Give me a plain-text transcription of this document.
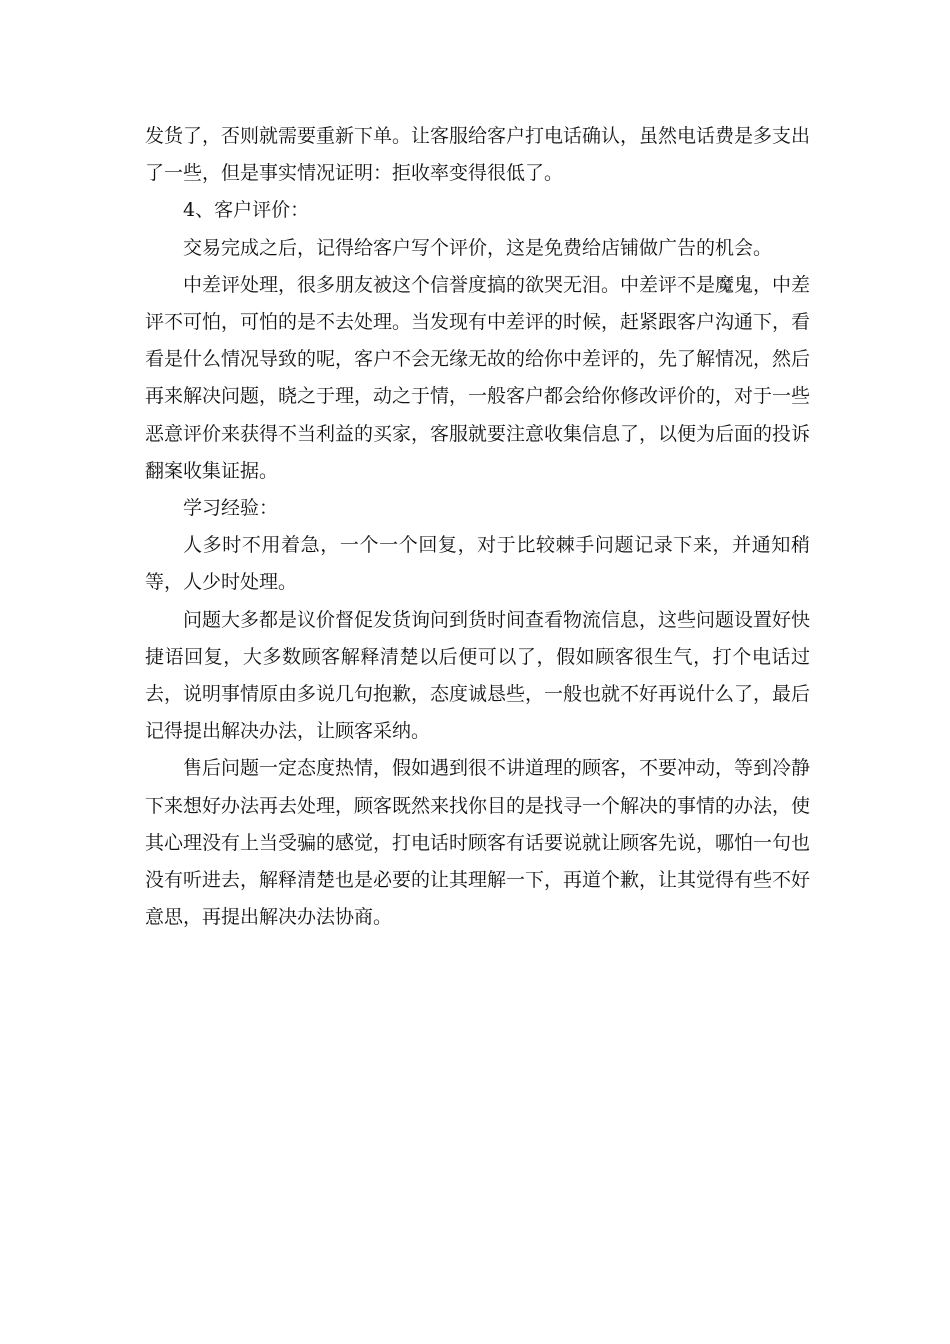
发货了，否则就需要重新下单。让客服给客户打电话确认，虽然电话费是多支出了一些，但是事实情况证明：拒收率变得很低了。

4、客户评价：

交易完成之后，记得给客户写个评价，这是免费给店铺做广告的机会。

中差评处理，很多朋友被这个信誉度搞的欲哭无泪。中差评不是魔鬼，中差评不可怕，可怕的是不去处理。当发现有中差评的时候，赶紧跟客户沟通下，看看是什么情况导致的呢，客户不会无缘无故的给你中差评的，先了解情况，然后再来解决问题，晓之于理，动之于情，一般客户都会给你修改评价的，对于一些恶意评价来获得不当利益的买家，客服就要注意收集信息了，以便为后面的投诉翻案收集证据。

学习经验：

人多时不用着急，一个一个回复，对于比较棘手问题记录下来，并通知稍等，人少时处理。

问题大多都是议价督促发货询问到货时间查看物流信息，这些问题设置好快捷语回复，大多数顾客解释清楚以后便可以了，假如顾客很生气，打个电话过去，说明事情原由多说几句抱歉，态度诚恳些，一般也就不好再说什么了，最后记得提出解决办法，让顾客采纳。

售后问题一定态度热情，假如遇到很不讲道理的顾客，不要冲动，等到冷静下来想好办法再去处理，顾客既然来找你目的是找寻一个解决的事情的办法，使其心理没有上当受骗的感觉，打电话时顾客有话要说就让顾客先说，哪怕一句也没有听进去，解释清楚也是必要的让其理解一下，再道个歉，让其觉得有些不好意思，再提出解决办法协商。
